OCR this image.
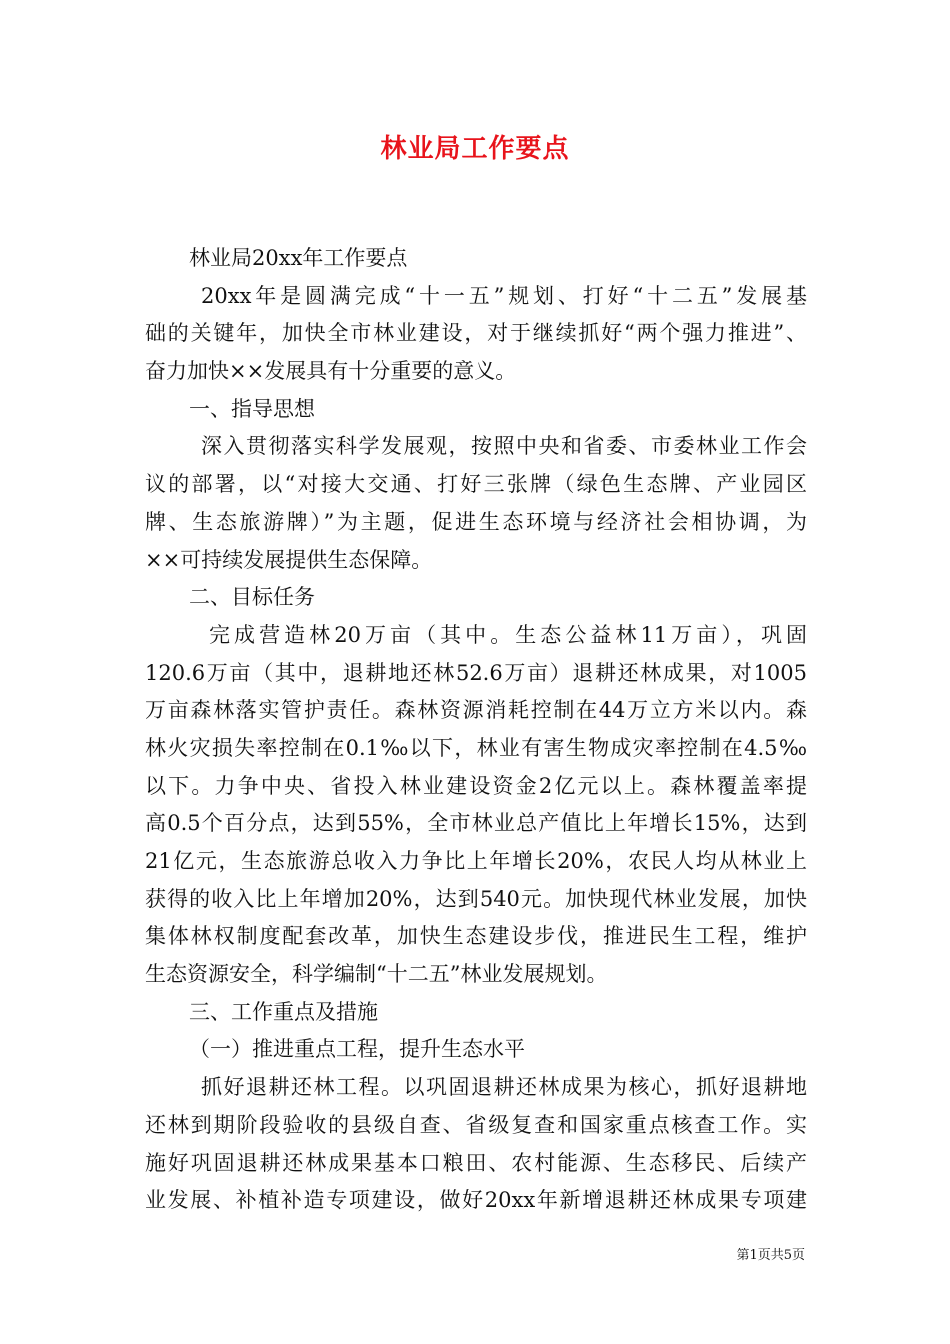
林业局工作要点
林业局20xx年工作要点
20xx年是圆满完成“十一五”规划、打好“十二五”发展基
础的关键年，加快全市林业建设，对于继续抓好“两个强力推进”、
奋力加快××发展具有十分重要的意义。
一、指导思想
深入贯彻落实科学发展观，按照中央和省委、市委林业工作会
议的部署，以“对接大交通、打好三张牌（绿色生态牌、产业园区
牌、生态旅游牌）”为主题，促进生态环境与经济社会相协调，为
××可持续发展提供生态保障。
二、目标任务
完成营造林20万亩（其中。生态公益林11万亩），巩固
120.6万亩（其中，退耕地还林52.6万亩）退耕还林成果，对1005
万亩森林落实管护责任。森林资源消耗控制在44万立方米以内。森
林火灾损失率控制在0.1‰以下，林业有害生物成灾率控制在4.5‰
以下。力争中央、省投入林业建设资金2亿元以上。森林覆盖率提
高0.5个百分点，达到55%，全市林业总产值比上年增长15%，达到
21亿元，生态旅游总收入力争比上年增长20%，农民人均从林业上
获得的收入比上年增加20%，达到540元。加快现代林业发展，加快
集体林权制度配套改革，加快生态建设步伐，推进民生工程，维护
生态资源安全，科学编制“十二五”林业发展规划。
三、工作重点及措施
（一）推进重点工程，提升生态水平
抓好退耕还林工程。以巩固退耕还林成果为核心，抓好退耕地
还林到期阶段验收的县级自查、省级复查和国家重点核查工作。实
施好巩固退耕还林成果基本口粮田、农村能源、生态移民、后续产
业发展、补植补造专项建设，做好20xx年新增退耕还林成果专项建
第1页共5页
